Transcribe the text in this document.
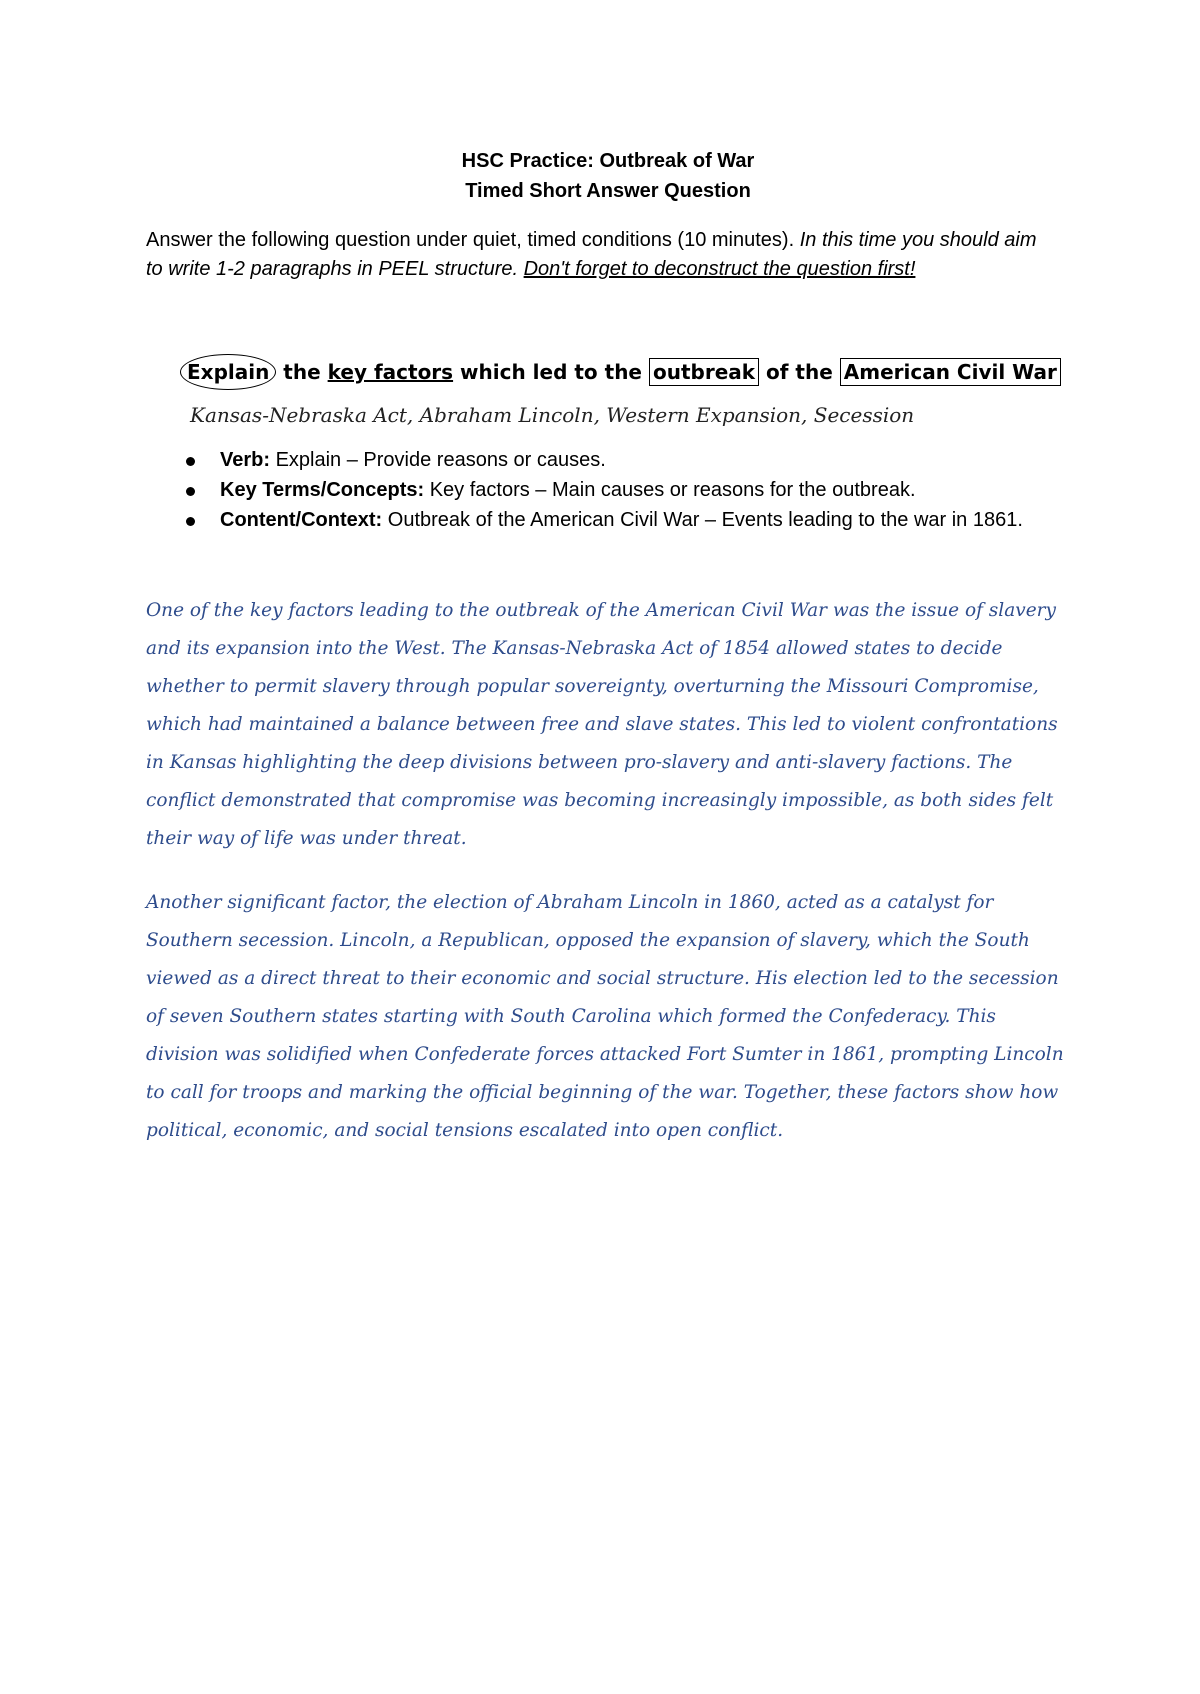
HSC Practice: Outbreak of War
Timed Short Answer Question

Answer the following question under quiet, timed conditions (10 minutes). In this time you should aim to write 1-2 paragraphs in PEEL structure. Don't forget to deconstruct the question first!

Explain the key factors which led to the outbreak of the American Civil War
Kansas-Nebraska Act, Abraham Lincoln, Western Expansion, Secession
Verb: Explain – Provide reasons or causes.
Key Terms/Concepts: Key factors – Main causes or reasons for the outbreak.
Content/Context: Outbreak of the American Civil War – Events leading to the war in 1861.

One of the key factors leading to the outbreak of the American Civil War was the issue of slavery and its expansion into the West. The Kansas-Nebraska Act of 1854 allowed states to decide whether to permit slavery through popular sovereignty, overturning the Missouri Compromise, which had maintained a balance between free and slave states. This led to violent confrontations in Kansas highlighting the deep divisions between pro-slavery and anti-slavery factions. The conflict demonstrated that compromise was becoming increasingly impossible, as both sides felt their way of life was under threat.

Another significant factor, the election of Abraham Lincoln in 1860, acted as a catalyst for Southern secession. Lincoln, a Republican, opposed the expansion of slavery, which the South viewed as a direct threat to their economic and social structure. His election led to the secession of seven Southern states starting with South Carolina which formed the Confederacy. This division was solidified when Confederate forces attacked Fort Sumter in 1861, prompting Lincoln to call for troops and marking the official beginning of the war. Together, these factors show how political, economic, and social tensions escalated into open conflict.
